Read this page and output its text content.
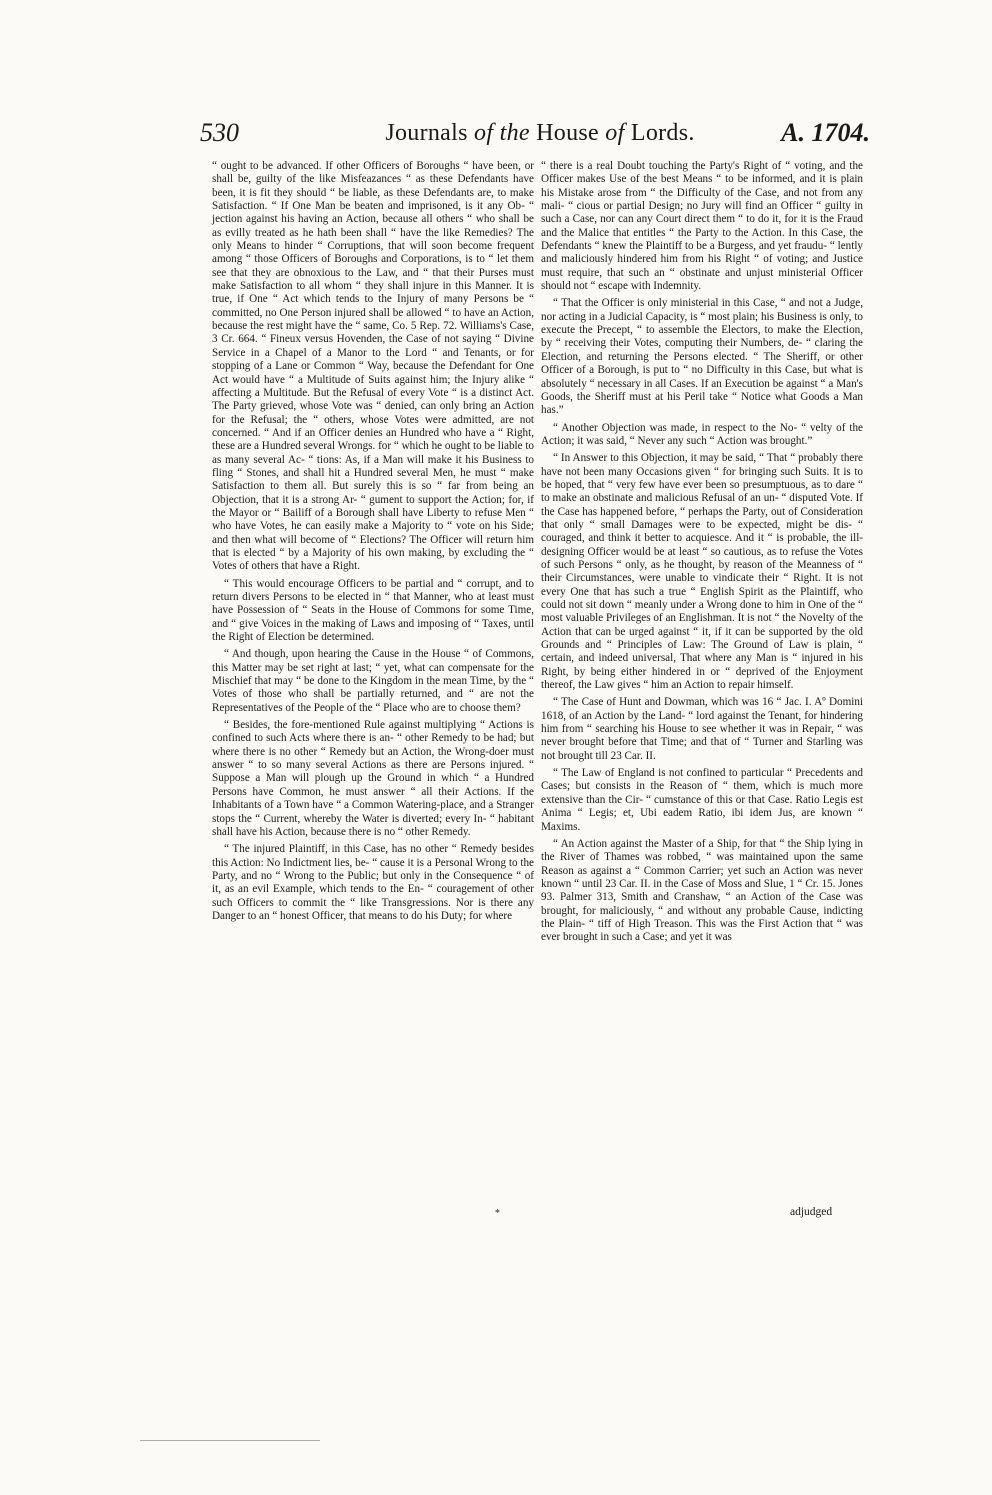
530	Journals of the House of Lords.	A. 1704.

“ ought to be advanced. If other Officers of Boroughs “ have been, or shall be, guilty of the like Misfeazances “ as these Defendants have been, it is fit they should “ be liable, as these Defendants are, to make Satisfaction. “ If One Man be beaten and imprisoned, is it any Ob- “ jection against his having an Action, because all others “ who shall be as evilly treated as he hath been shall “ have the like Remedies? The only Means to hinder “ Corruptions, that will soon become frequent among “ those Officers of Boroughs and Corporations, is to “ let them see that they are obnoxious to the Law, and “ that their Purses must make Satisfaction to all whom “ they shall injure in this Manner. It is true, if One “ Act which tends to the Injury of many Persons be “ committed, no One Person injured shall be allowed “ to have an Action, because the rest might have the “ same, Co. 5 Rep. 72. Williams's Case, 3 Cr. 664. “ Fineux versus Hovenden, the Case of not saying “ Divine Service in a Chapel of a Manor to the Lord “ and Tenants, or for stopping of a Lane or Common “ Way, because the Defendant for One Act would have “ a Multitude of Suits against him; the Injury alike “ affecting a Multitude. But the Refusal of every Vote “ is a distinct Act. The Party grieved, whose Vote was “ denied, can only bring an Action for the Refusal; the “ others, whose Votes were admitted, are not concerned. “ And if an Officer denies an Hundred who have a “ Right, these are a Hundred several Wrongs. for “ which he ought to be liable to as many several Ac- “ tions: As, if a Man will make it his Business to fling “ Stones, and shall hit a Hundred several Men, he must “ make Satisfaction to them all. But surely this is so “ far from being an Objection, that it is a strong Ar- “ gument to support the Action; for, if the Mayor or “ Bailiff of a Borough shall have Liberty to refuse Men “ who have Votes, he can easily make a Majority to “ vote on his Side; and then what will become of “ Elections? The Officer will return him that is elected “ by a Majority of his own making, by excluding the “ Votes of others that have a Right.

“ This would encourage Officers to be partial and “ corrupt, and to return divers Persons to be elected in “ that Manner, who at least must have Possession of “ Seats in the House of Commons for some Time, and “ give Voices in the making of Laws and imposing of “ Taxes, until the Right of Election be determined.

“ And though, upon hearing the Cause in the House “ of Commons, this Matter may be set right at last; “ yet, what can compensate for the Mischief that may “ be done to the Kingdom in the mean Time, by the “ Votes of those who shall be partially returned, and “ are not the Representatives of the People of the “ Place who are to choose them?

“ Besides, the fore-mentioned Rule against multiplying “ Actions is confined to such Acts where there is an- “ other Remedy to be had; but where there is no other “ Remedy but an Action, the Wrong-doer must answer “ to so many several Actions as there are Persons injured. “ Suppose a Man will plough up the Ground in which “ a Hundred Persons have Common, he must answer “ all their Actions. If the Inhabitants of a Town have “ a Common Watering-place, and a Stranger stops the “ Current, whereby the Water is diverted; every In- “ habitant shall have his Action, because there is no “ other Remedy.

“ The injured Plaintiff, in this Case, has no other “ Remedy besides this Action: No Indictment lies, be- “ cause it is a Personal Wrong to the Party, and no “ Wrong to the Public; but only in the Consequence “ of it, as an evil Example, which tends to the En- “ couragement of other such Officers to commit the “ like Transgressions. Nor is there any Danger to an “ honest Officer, that means to do his Duty; for where

“ there is a real Doubt touching the Party's Right of “ voting, and the Officer makes Use of the best Means “ to be informed, and it is plain his Mistake arose from “ the Difficulty of the Case, and not from any mali- “ cious or partial Design; no Jury will find an Officer “ guilty in such a Case, nor can any Court direct them “ to do it, for it is the Fraud and the Malice that entitles “ the Party to the Action. In this Case, the Defendants “ knew the Plaintiff to be a Burgess, and yet fraudu- “ lently and maliciously hindered him from his Right “ of voting; and Justice must require, that such an “ obstinate and unjust ministerial Officer should not “ escape with Indemnity.

“ That the Officer is only ministerial in this Case, “ and not a Judge, nor acting in a Judicial Capacity, is “ most plain; his Business is only, to execute the Precept, “ to assemble the Electors, to make the Election, by “ receiving their Votes, computing their Numbers, de- “ claring the Election, and returning the Persons elected. “ The Sheriff, or other Officer of a Borough, is put to “ no Difficulty in this Case, but what is absolutely “ necessary in all Cases. If an Execution be against “ a Man's Goods, the Sheriff must at his Peril take “ Notice what Goods a Man has.”

“ Another Objection was made, in respect to the No- “ velty of the Action; it was said, “ Never any such “ Action was brought.”

“ In Answer to this Objection, it may be said, “ That “ probably there have not been many Occasions given “ for bringing such Suits. It is to be hoped, that “ very few have ever been so presumptuous, as to dare “ to make an obstinate and malicious Refusal of an un- “ disputed Vote. If the Case has happened before, “ perhaps the Party, out of Consideration that only “ small Damages were to be expected, might be dis- “ couraged, and think it better to acquiesce. And it “ is probable, the ill-designing Officer would be at least “ so cautious, as to refuse the Votes of such Persons “ only, as he thought, by reason of the Meanness of “ their Circumstances, were unable to vindicate their “ Right. It is not every One that has such a true “ English Spirit as the Plaintiff, who could not sit down “ meanly under a Wrong done to him in One of the “ most valuable Privileges of an Englishman. It is not “ the Novelty of the Action that can be urged against “ it, if it can be supported by the old Grounds and “ Principles of Law: The Ground of Law is plain, “ certain, and indeed universal, That where any Man is “ injured in his Right, by being either hindered in or “ deprived of the Enjoyment thereof, the Law gives “ him an Action to repair himself.

“ The Case of Hunt and Dowman, which was 16 “ Jac. I. Aº Domini 1618, of an Action by the Land- “ lord against the Tenant, for hindering him from “ searching his House to see whether it was in Repair, “ was never brought before that Time; and that of “ Turner and Starling was not brought till 23 Car. II.

“ The Law of England is not confined to particular “ Precedents and Cases; but consists in the Reason of “ them, which is much more extensive than the Cir- “ cumstance of this or that Case. Ratio Legis est Anima “ Legis; et, Ubi eadem Ratio, ibi idem Jus, are known “ Maxims.

“ An Action against the Master of a Ship, for that “ the Ship lying in the River of Thames was robbed, “ was maintained upon the same Reason as against a “ Common Carrier; yet such an Action was never known “ until 23 Car. II. in the Case of Moss and Slue, 1 “ Cr. 15. Jones 93. Palmer 313, Smith and Cranshaw, “ an Action of the Case was brought, for maliciously, “ and without any probable Cause, indicting the Plain- “ tiff of High Treason. This was the First Action that “ was ever brought in such a Case; and yet it was

*	adjudged
